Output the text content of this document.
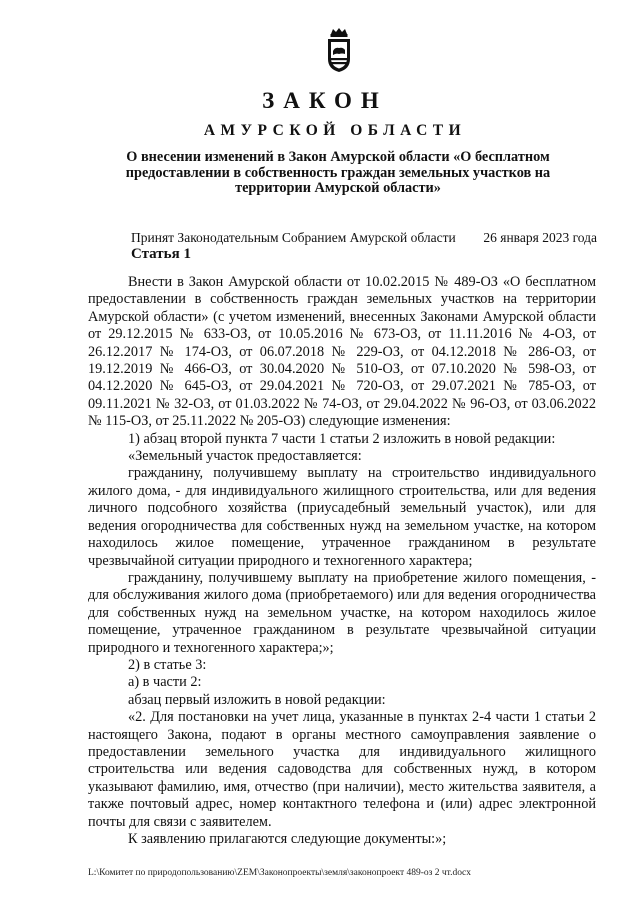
ЗАКОН
АМУРСКОЙ ОБЛАСТИ
О внесении изменений в Закон Амурской области «О бесплатном предоставлении в собственность граждан земельных участков на территории Амурской области»
Принят Законодательным Собранием Амурской области 26 января 2023 года
Статья 1

Внести в Закон Амурской области от 10.02.2015 № 489-ОЗ «О бесплатном предоставлении в собственность граждан земельных участков на территории Амурской области» (с учетом изменений, внесенных Законами Амурской области от 29.12.2015 № 633-ОЗ, от 10.05.2016 № 673-ОЗ, от 11.11.2016 № 4-ОЗ, от 26.12.2017 № 174-ОЗ, от 06.07.2018 № 229-ОЗ, от 04.12.2018 № 286-ОЗ, от 19.12.2019 № 466-ОЗ, от 30.04.2020 № 510-ОЗ, от 07.10.2020 № 598-ОЗ, от 04.12.2020 № 645-ОЗ, от 29.04.2021 № 720-ОЗ, от 29.07.2021 № 785-ОЗ, от 09.11.2021 № 32-ОЗ, от 01.03.2022 № 74-ОЗ, от 29.04.2022 № 96-ОЗ, от 03.06.2022 № 115-ОЗ, от 25.11.2022 № 205-ОЗ) следующие изменения:

1) абзац второй пункта 7 части 1 статьи 2 изложить в новой редакции:

«Земельный участок предоставляется:

гражданину, получившему выплату на строительство индивидуального жилого дома, - для индивидуального жилищного строительства, или для ведения личного подсобного хозяйства (приусадебный земельный участок), или для ведения огородничества для собственных нужд на земельном участке, на котором находилось жилое помещение, утраченное гражданином в результате чрезвычайной ситуации природного и техногенного характера;

гражданину, получившему выплату на приобретение жилого помещения, - для обслуживания жилого дома (приобретаемого) или для ведения огородничества для собственных нужд на земельном участке, на котором находилось жилое помещение, утраченное гражданином в результате чрезвычайной ситуации природного и техногенного характера;»;

2) в статье 3:

а) в части 2:

абзац первый изложить в новой редакции:

«2. Для постановки на учет лица, указанные в пунктах 2-4 части 1 статьи 2 настоящего Закона, подают в органы местного самоуправления заявление о предоставлении земельного участка для индивидуального жилищного строительства или ведения садоводства для собственных нужд, в котором указывают фамилию, имя, отчество (при наличии), место жительства заявителя, а также почтовый адрес, номер контактного телефона и (или) адрес электронной почты для связи с заявителем.

К заявлению прилагаются следующие документы:»;

L:\Комитет по природопользованию\ZEM\Законопроекты\земля\законопроект 489-оз 2 чт.docx
